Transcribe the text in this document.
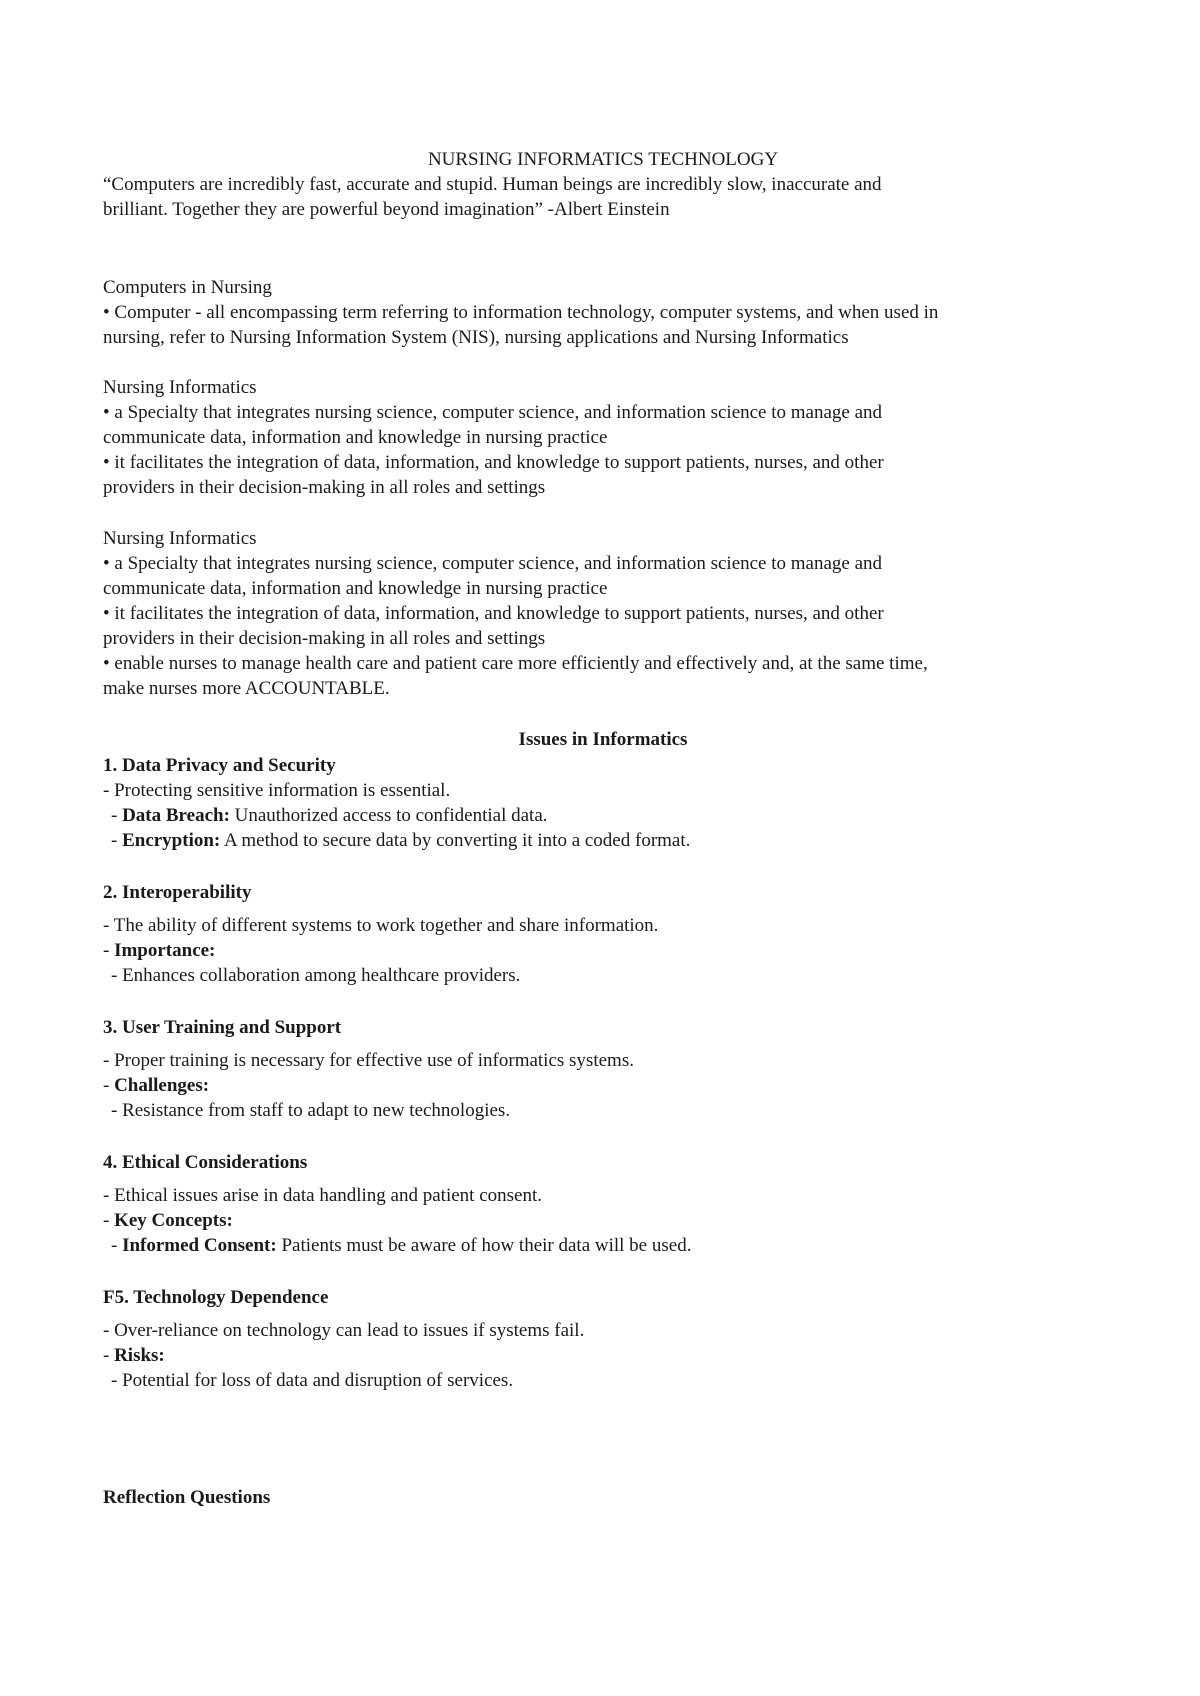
NURSING INFORMATICS TECHNOLOGY
“Computers are incredibly fast, accurate and stupid. Human beings are incredibly slow, inaccurate and
brilliant. Together they are powerful beyond imagination” -Albert Einstein
Computers in Nursing
• Computer - all encompassing term referring to information technology, computer systems, and when used in
nursing, refer to Nursing Information System (NIS), nursing applications and Nursing Informatics
Nursing Informatics
• a Specialty that integrates nursing science, computer science, and information science to manage and
communicate data, information and knowledge in nursing practice
• it facilitates the integration of data, information, and knowledge to support patients, nurses, and other
providers in their decision-making in all roles and settings
Nursing Informatics
• a Specialty that integrates nursing science, computer science, and information science to manage and
communicate data, information and knowledge in nursing practice
• it facilitates the integration of data, information, and knowledge to support patients, nurses, and other
providers in their decision-making in all roles and settings
• enable nurses to manage health care and patient care more efficiently and effectively and, at the same time,
make nurses more ACCOUNTABLE.
Issues in Informatics
1. Data Privacy and Security
- Protecting sensitive information is essential.
- Data Breach: Unauthorized access to confidential data.
- Encryption: A method to secure data by converting it into a coded format.
2. Interoperability
- The ability of different systems to work together and share information.
- Importance:
- Enhances collaboration among healthcare providers.
3. User Training and Support
- Proper training is necessary for effective use of informatics systems.
- Challenges:
- Resistance from staff to adapt to new technologies.
4. Ethical Considerations
- Ethical issues arise in data handling and patient consent.
- Key Concepts:
- Informed Consent: Patients must be aware of how their data will be used.
F5. Technology Dependence
- Over-reliance on technology can lead to issues if systems fail.
- Risks:
- Potential for loss of data and disruption of services.
Reflection Questions
